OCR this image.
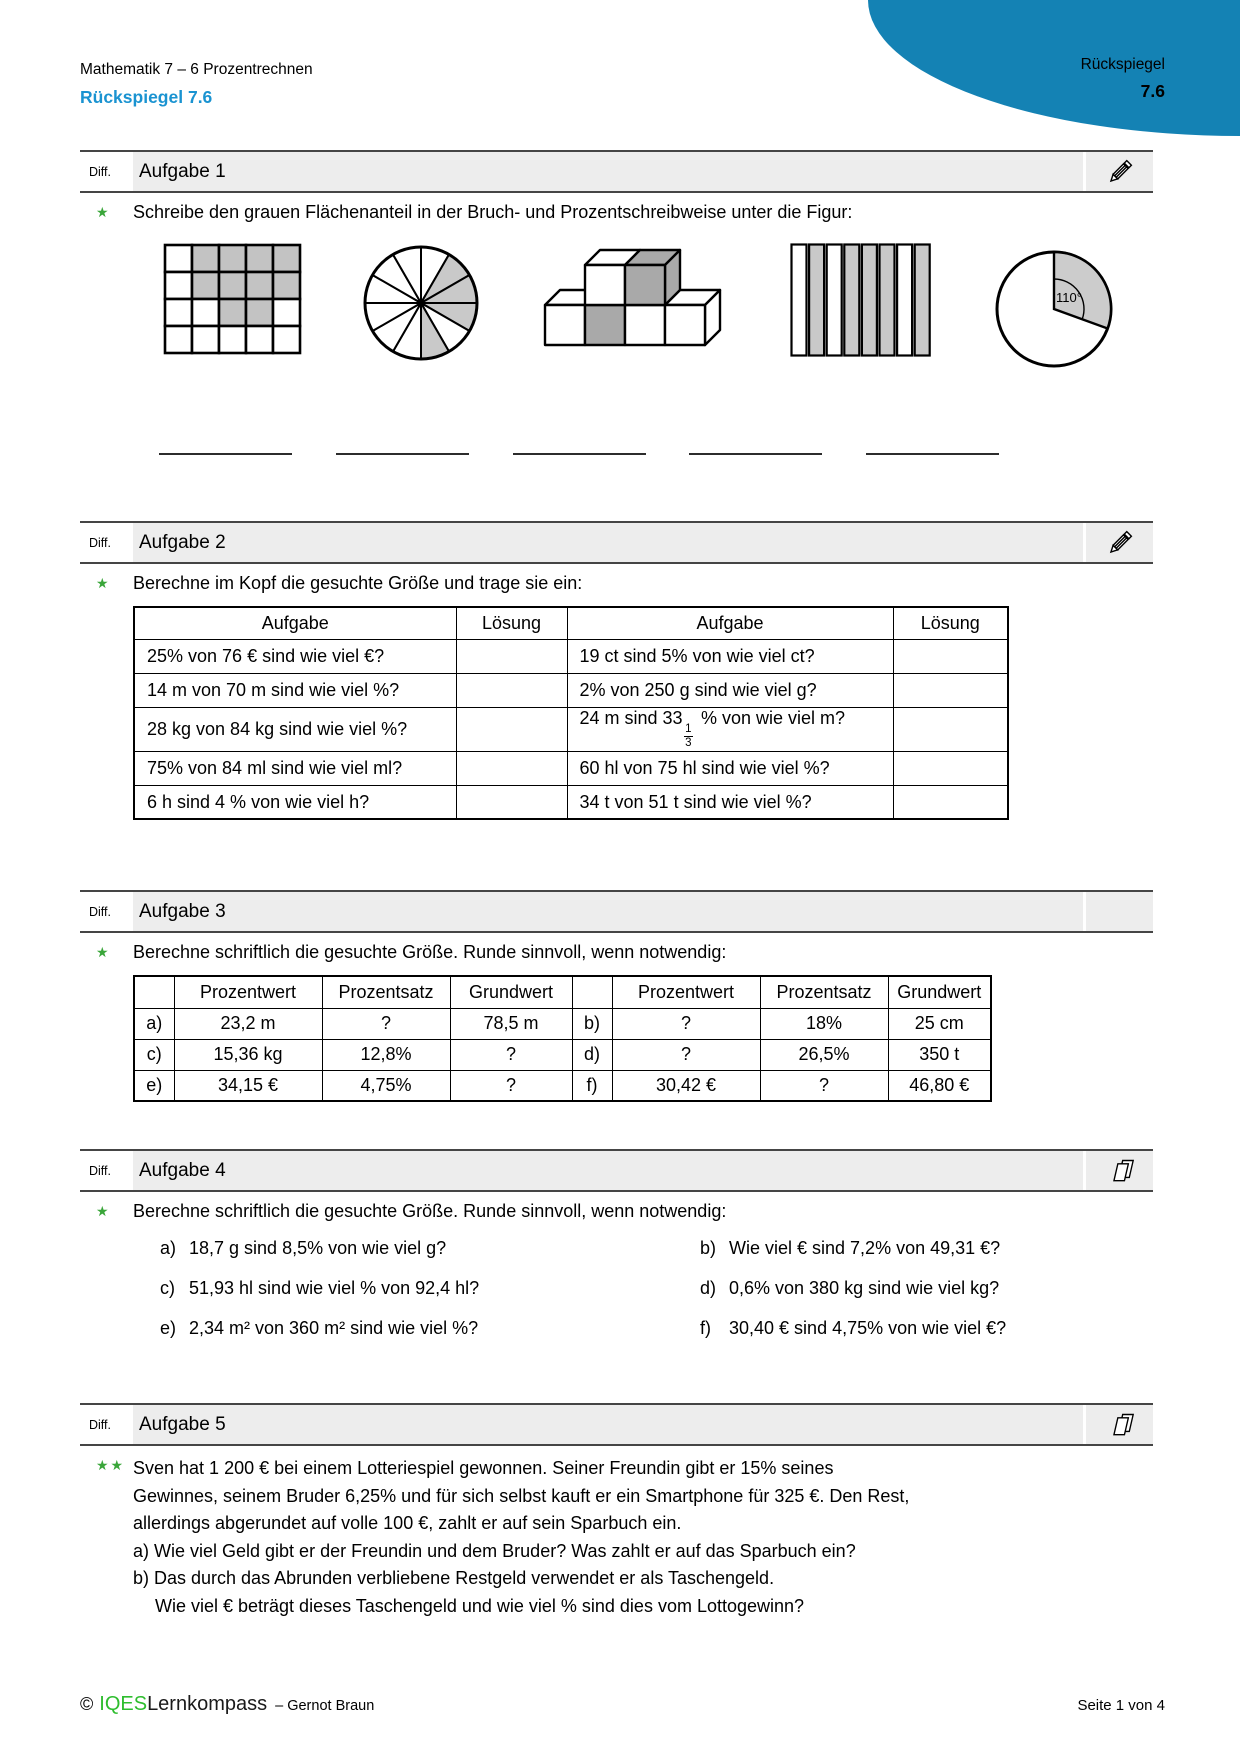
Rückspiegel
7.6
Mathematik 7 – 6 Prozentrechnen
Rückspiegel 7.6
Diff.	Aufgabe 1
★	Schreibe den grauen Flächenanteil in der Bruch- und Prozentschreibweise unter die Figur:
110°
Diff.	Aufgabe 2
★	Berechne im Kopf die gesuchte Größe und trage sie ein:
Aufgabe	Lösung	Aufgabe	Lösung
25% von 76 € sind wie viel €?		19 ct sind 5% von wie viel ct?	
14 m von 70 m sind wie viel %?		2% von 250 g sind wie viel g?	
28 kg von 84 kg sind wie viel %?		24 m sind 33
$\frac{1}{3}$
% von wie viel m?	
75% von 84 ml sind wie viel ml?		60 hl von 75 hl sind wie viel %?	
6 h sind 4 % von wie viel h?		34 t von 51 t sind wie viel %?	
Diff.	Aufgabe 3
★	Berechne schriftlich die gesuchte Größe. Runde sinnvoll, wenn notwendig:
	Prozentwert	Prozentsatz	Grundwert		Prozentwert	Prozentsatz	Grundwert
a)	23,2 m	?	78,5 m	b)	?	18%	25 cm
c)	15,36 kg	12,8%	?	d)	?	26,5%	350 t
e)	34,15 €	4,75%	?	f)	30,42 €	?	46,80 €
Diff.	Aufgabe 4
★	Berechne schriftlich die gesuchte Größe. Runde sinnvoll, wenn notwendig:
a) 18,7 g sind 8,5% von wie viel g?
c) 51,93 hl sind wie viel % von 92,4 hl?
e) 2,34 m² von 360 m² sind wie viel %?
b) Wie viel € sind 7,2% von 49,31 €?
d) 0,6% von 380 kg sind wie viel kg?
f)	30,40 € sind 4,75% von wie viel €?
Diff.	Aufgabe 5
★★ Sven hat 1 200 € bei einem Lotteriespiel gewonnen. Seiner Freundin gibt er 15% seines
Gewinnes, seinem Bruder 6,25% und für sich selbst kauft er ein Smartphone für 325 €. Den Rest,
allerdings abgerundet auf volle 100 €, zahlt er auf sein Sparbuch ein.
a) Wie viel Geld gibt er der Freundin und dem Bruder? Was zahlt er auf das Sparbuch ein?
b) Das durch das Abrunden verbliebene Restgeld verwendet er als Taschengeld.
Wie viel € beträgt dieses Taschengeld und wie viel % sind dies vom Lottogewinn?
© IQES Lernkompass – Gernot Braun	Seite 1 von 4
